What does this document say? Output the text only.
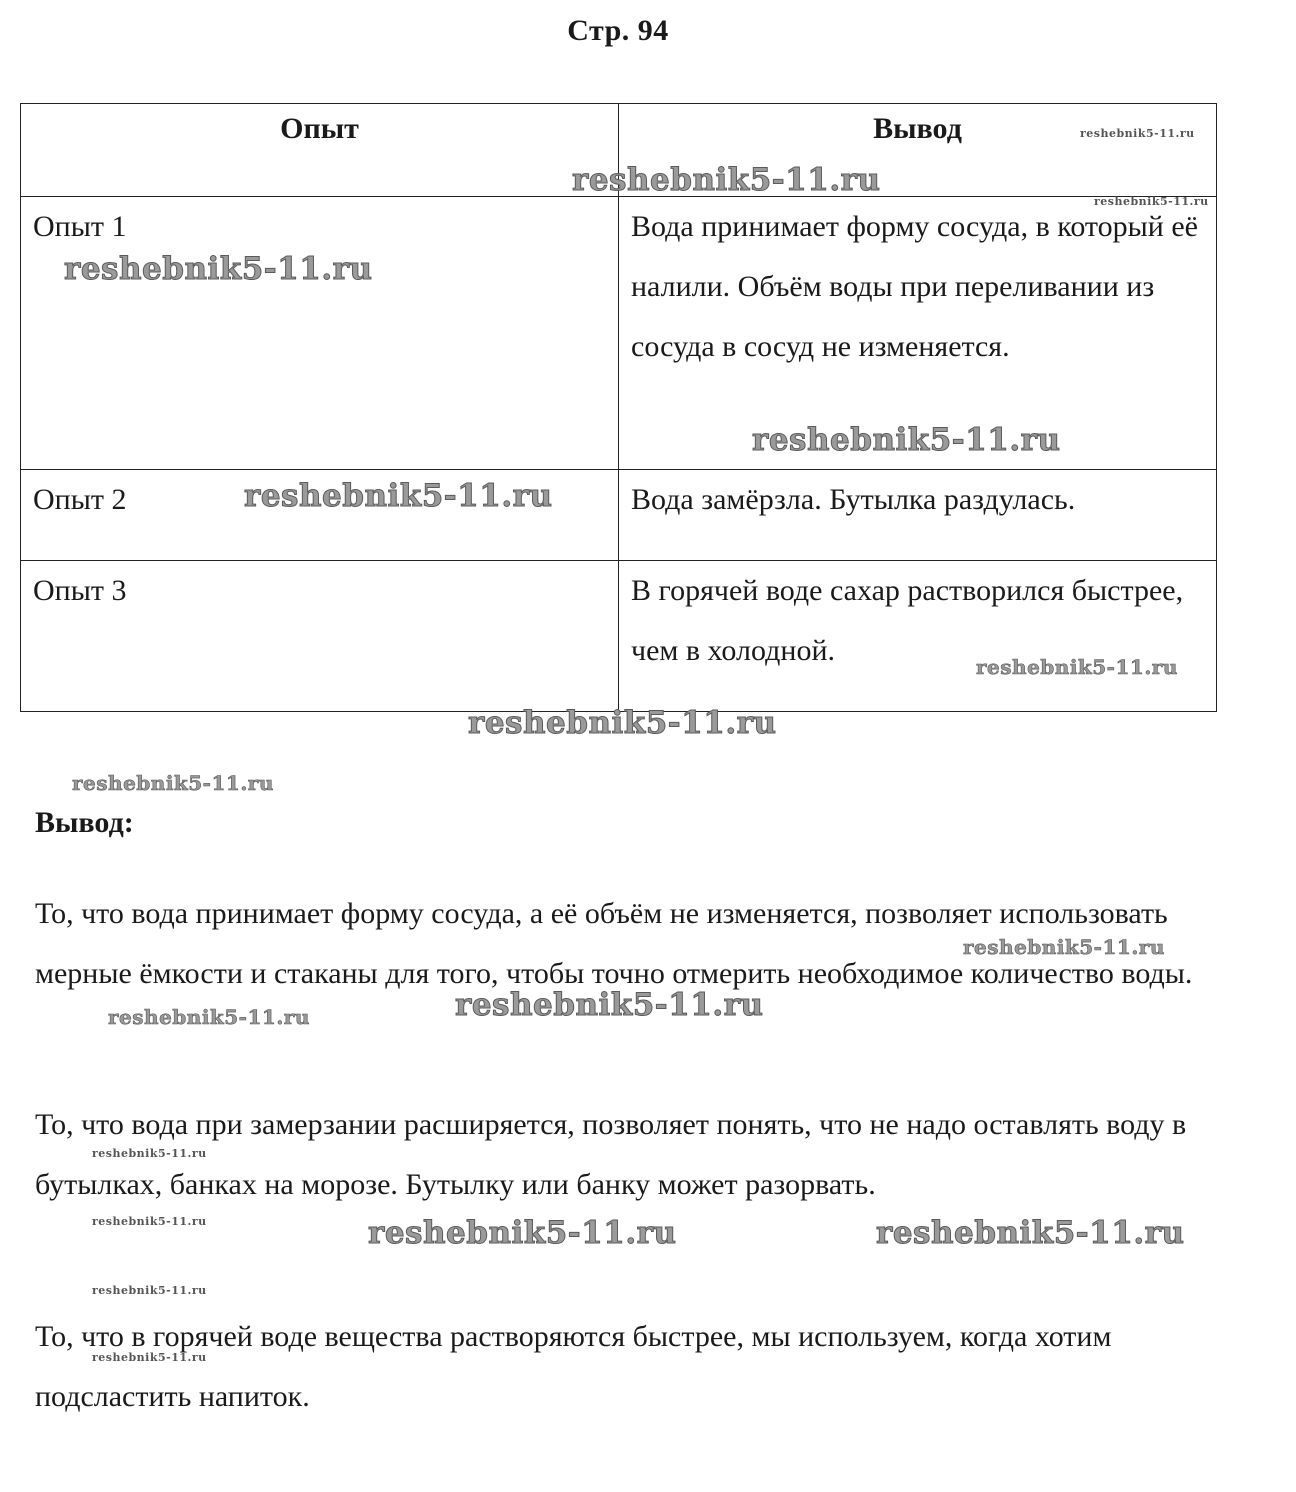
Стр. 94
Опыт	Вывод
Опыт 1	Вода принимает форму сосуда, в который её налили. Объём воды при переливании из сосуда в сосуд не изменяется.
Опыт 2	Вода замёрзла. Бутылка раздулась.
Опыт 3	В горячей воде сахар растворился быстрее, чем в холодной.
Вывод:
То, что вода принимает форму сосуда, а её объём не изменяется, позволяет использовать мерные ёмкости и стаканы для того, чтобы точно отмерить необходимое количество воды.
То, что вода при замерзании расширяется, позволяет понять, что не надо оставлять воду в бутылках, банках на морозе. Бутылку или банку может разорвать.
То, что в горячей воде вещества растворяются быстрее, мы используем, когда хотим подсластить напиток.
reshebnik5-11.ru
reshebnik5-11.ru
reshebnik5-11.ru
reshebnik5-11.ru
reshebnik5-11.ru
reshebnik5-11.ru
reshebnik5-11.ru
reshebnik5-11.ru
reshebnik5-11.ru
reshebnik5-11.ru
reshebnik5-11.ru
reshebnik5-11.ru
reshebnik5-11.ru
reshebnik5-11.ru	reshebnik5-11.ru	reshebnik5-11.ru
reshebnik5-11.ru
reshebnik5-11.ru
